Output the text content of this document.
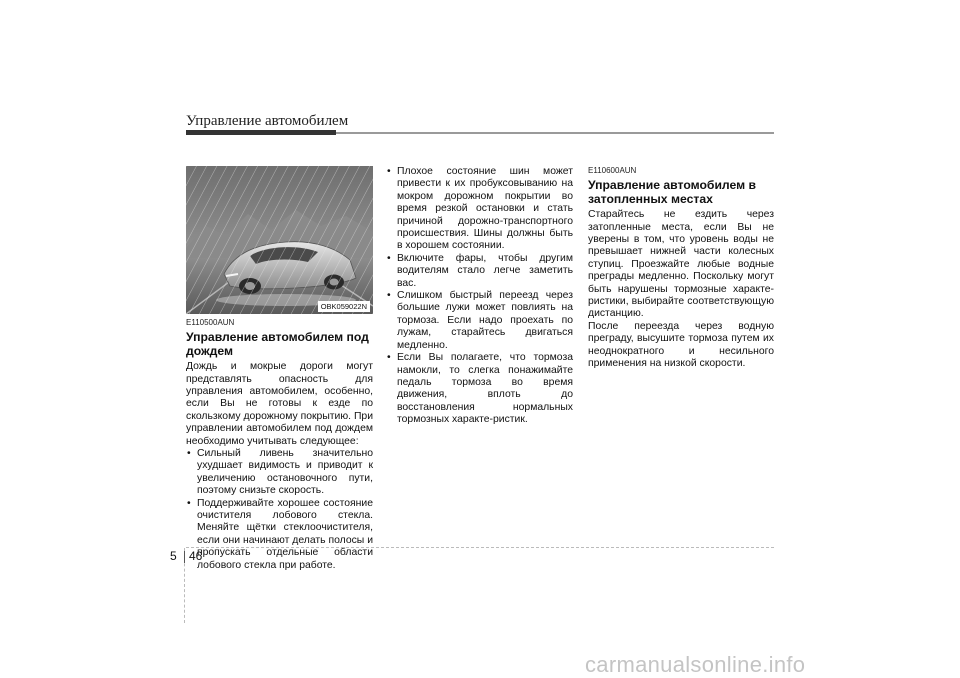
Управление автомобилем
OBK059022N
E110500AUN
Управление автомобилем под дождем

Дождь и мокрые дороги могут представлять опасность для управления автомобилем, особенно, если Вы не готовы к езде по скользкому дорожному покрытию. При управлении автомобилем под дождем необходимо учитывать следующее:

• Сильный ливень значительно ухудшает видимость и приводит к увеличению остановочного пути, поэтому снизьте скорость.
• Поддерживайте хорошее состояние очистителя лобового стекла. Меняйте щётки стеклоочистителя, если они начинают делать полосы и пропускать отдельные области лобового стекла при работе.
• Плохое состояние шин может привести к их пробуксовыванию на мокром дорожном покрытии во время резкой остановки и стать причиной дорожно-транспортного происшествия. Шины должны быть в хорошем состоянии.
• Включите фары, чтобы другим водителям стало легче заметить вас.
• Слишком быстрый переезд через большие лужи может повлиять на тормоза. Если надо проехать по лужам, старайтесь двигаться медленно.
• Если Вы полагаете, что тормоза намокли, то слегка понажимайте педаль тормоза во время движения, вплоть до восстановления нормальных тормозных характе-ристик.
E110600AUN
Управление автомобилем в затопленных местах

Старайтесь не ездить через затопленные места, если Вы не уверены в том, что уровень воды не превышает нижней части колесных ступиц. Проезжайте любые водные преграды медленно. Поскольку могут быть нарушены тормозные характе-ристики, выбирайте соответствующую дистанцию.

После переезда через водную преграду, высушите тормоза путем их неоднократного и несильного применения на низкой скорости.

5 46
carmanualsonline.info
